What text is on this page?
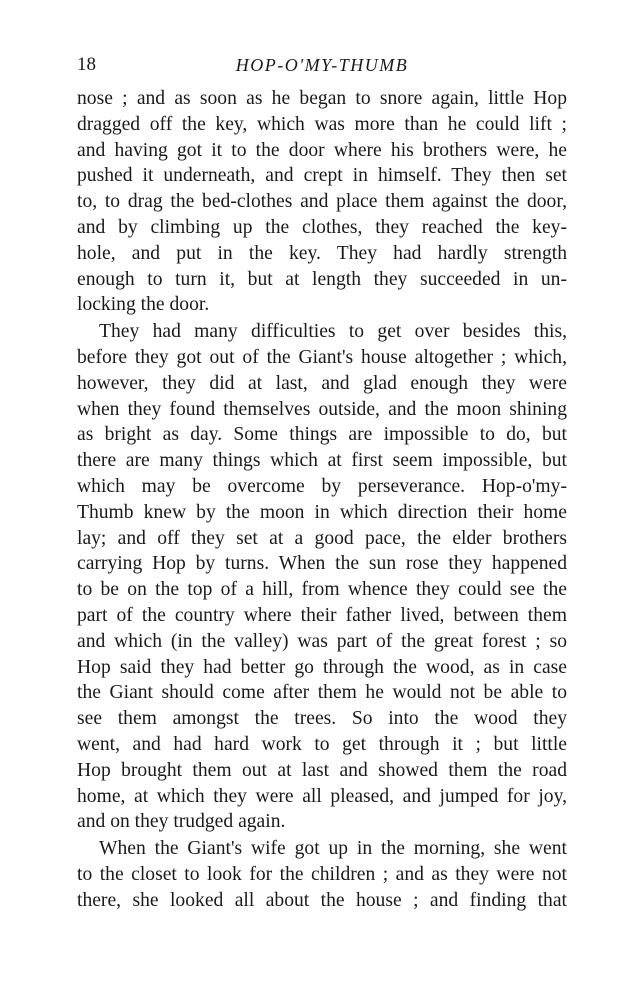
18	HOP-O'MY-THUMB

nose ; and as soon as he began to snore again, little Hop
dragged off the key, which was more than he could lift ;
and having got it to the door where his brothers were, he
pushed it underneath, and crept in himself. They then set
to, to drag the bed-clothes and place them against the door,
and by climbing up the clothes, they reached the key-
hole, and put in the key. They had hardly strength
enough to turn it, but at length they succeeded in un-
locking the door.

They had many difficulties to get over besides this,
before they got out of the Giant's house altogether ; which,
however, they did at last, and glad enough they were
when they found themselves outside, and the moon shining
as bright as day. Some things are impossible to do, but
there are many things which at first seem impossible, but
which may be overcome by perseverance. Hop-o'my-
Thumb knew by the moon in which direction their home
lay; and off they set at a good pace, the elder brothers
carrying Hop by turns. When the sun rose they happened
to be on the top of a hill, from whence they could see the
part of the country where their father lived, between them
and which (in the valley) was part of the great forest ; so
Hop said they had better go through the wood, as in case
the Giant should come after them he would not be able to
see them amongst the trees. So into the wood they
went, and had hard work to get through it ; but little
Hop brought them out at last and showed them the road
home, at which they were all pleased, and jumped for joy,
and on they trudged again.

When the Giant's wife got up in the morning, she went
to the closet to look for the children ; and as they were not
there, she looked all about the house ; and finding that
